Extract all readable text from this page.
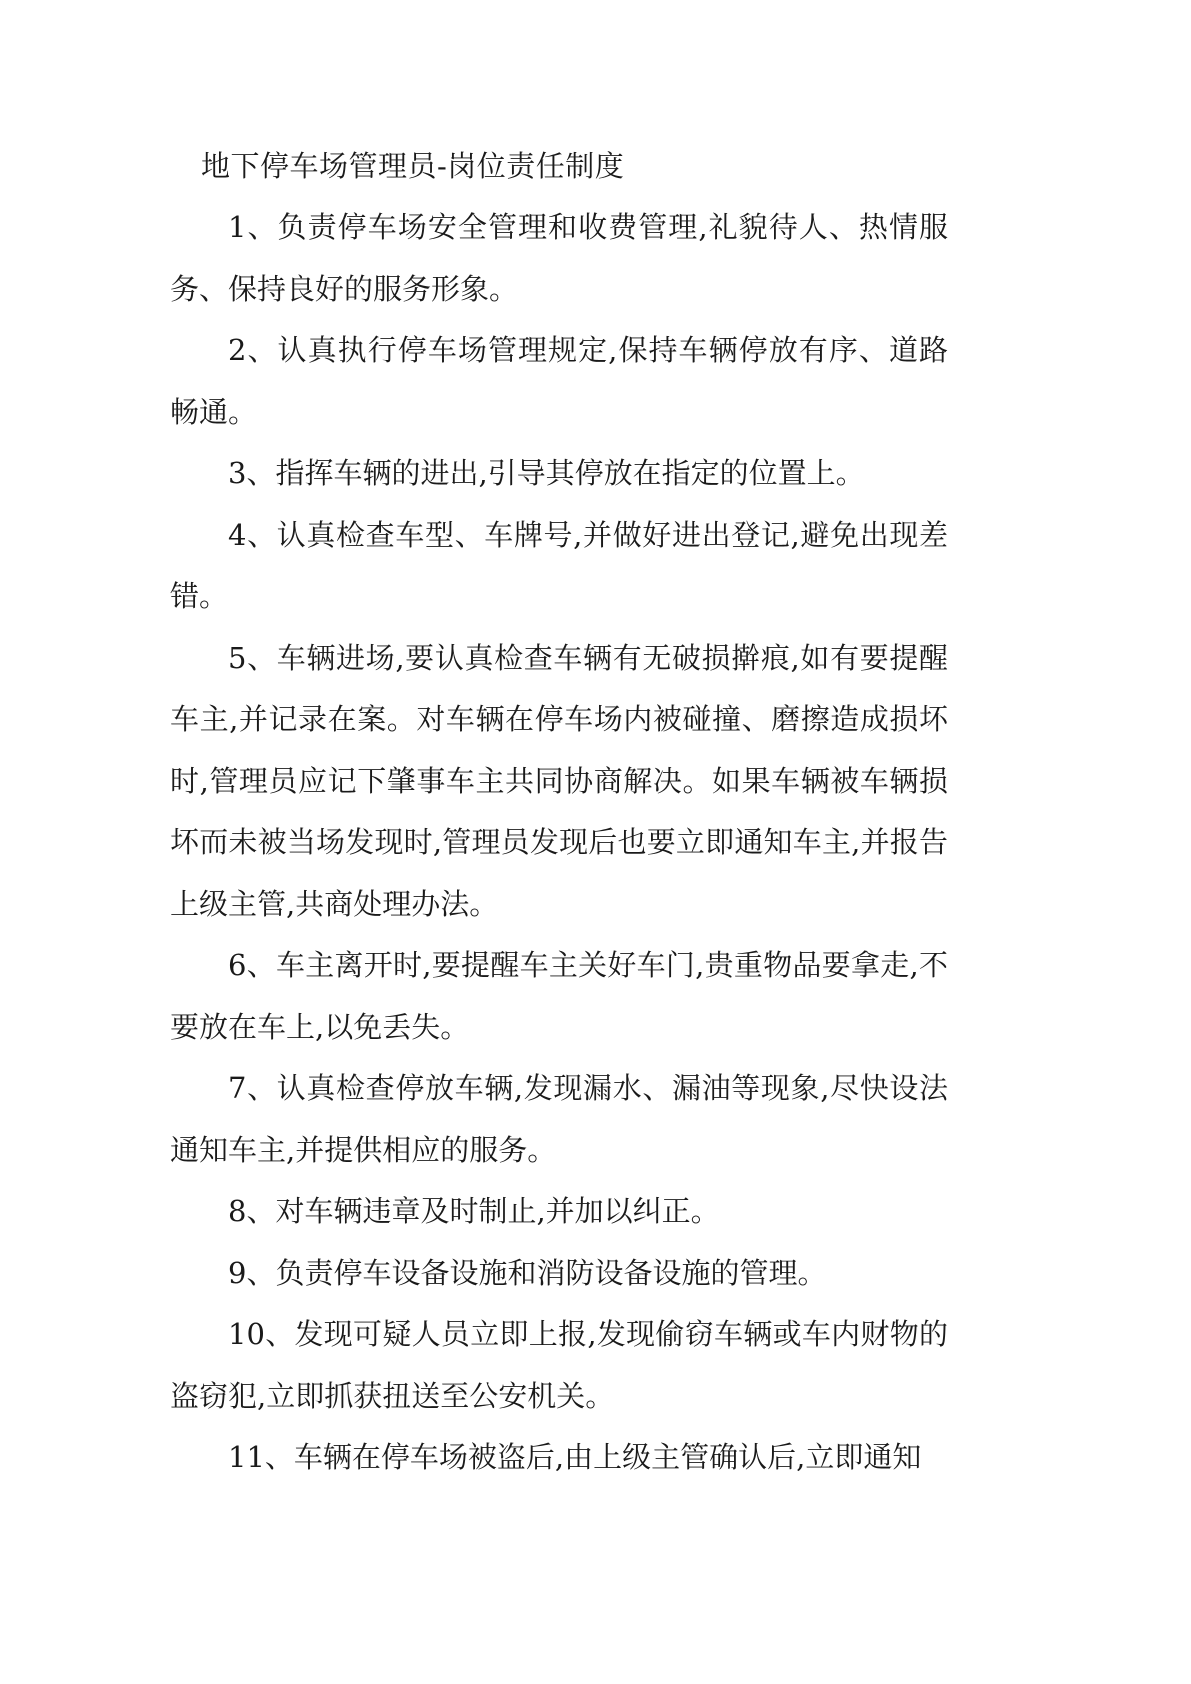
地下停车场管理员-岗位责任制度

1、负责停车场安全管理和收费管理,礼貌待人、热情服务、保持良好的服务形象。

2、认真执行停车场管理规定,保持车辆停放有序、道路畅通。

3、指挥车辆的进出,引导其停放在指定的位置上。

4、认真检查车型、车牌号,并做好进出登记,避免出现差错。

5、车辆进场,要认真检查车辆有无破损擀痕,如有要提醒车主,并记录在案。对车辆在停车场内被碰撞、磨擦造成损坏时,管理员应记下肇事车主共同协商解决。如果车辆被车辆损坏而未被当场发现时,管理员发现后也要立即通知车主,并报告上级主管,共商处理办法。

6、车主离开时,要提醒车主关好车门,贵重物品要拿走,不要放在车上,以免丢失。

7、认真检查停放车辆,发现漏水、漏油等现象,尽快设法通知车主,并提供相应的服务。

8、对车辆违章及时制止,并加以纠正。

9、负责停车设备设施和消防设备设施的管理。

10、发现可疑人员立即上报,发现偷窃车辆或车内财物的盗窃犯,立即抓获扭送至公安机关。

11、车辆在停车场被盗后,由上级主管确认后,立即通知
